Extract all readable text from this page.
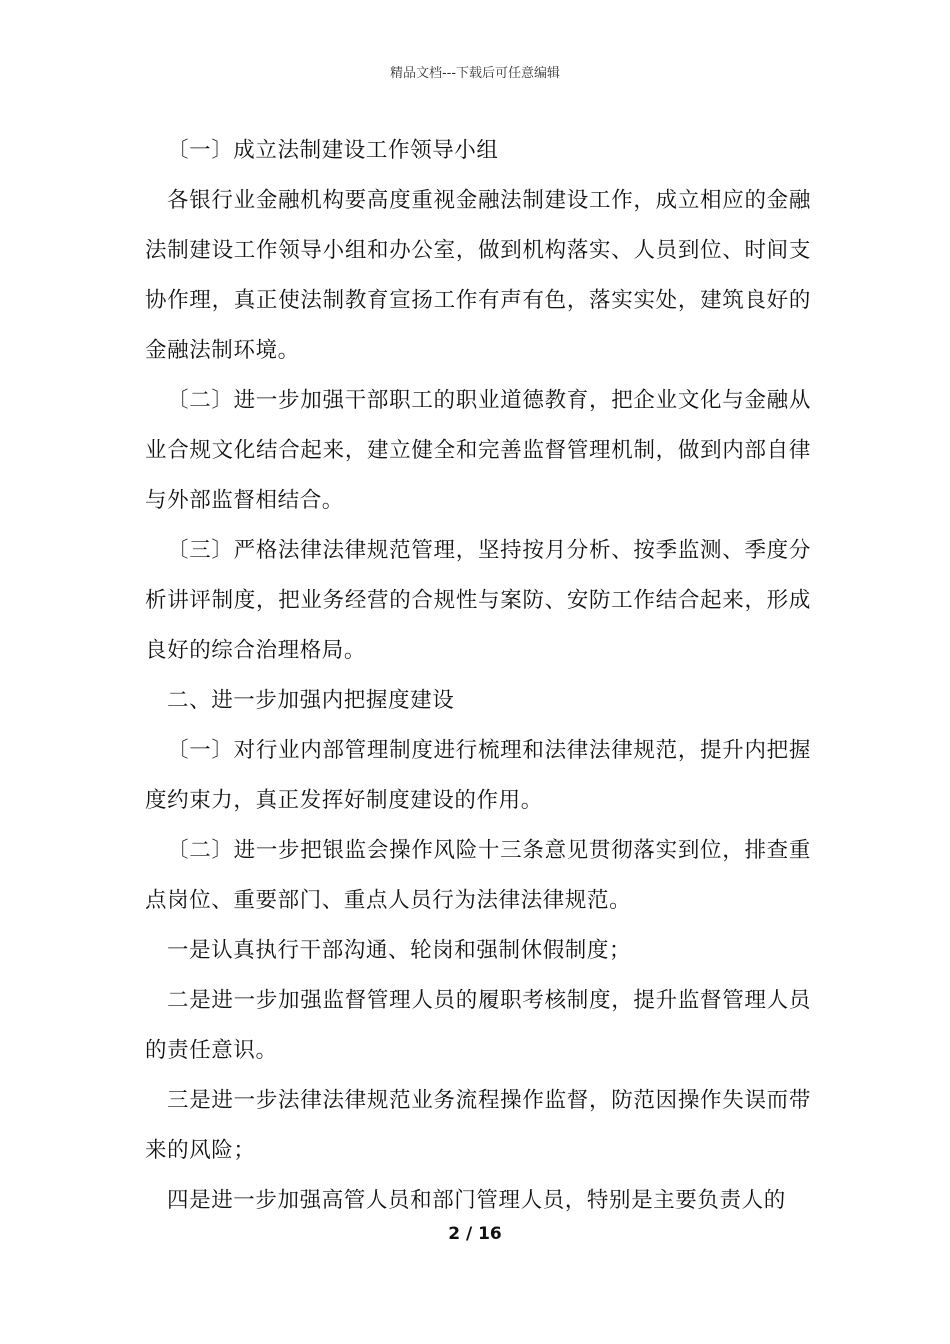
精品文档---下载后可任意编辑

〔一〕成立法制建设工作领导小组

各银行业金融机构要高度重视金融法制建设工作，成立相应的金融法制建设工作领导小组和办公室，做到机构落实、人员到位、时间支协作理，真正使法制教育宣扬工作有声有色，落实实处，建筑良好的金融法制环境。

〔二〕进一步加强干部职工的职业道德教育，把企业文化与金融从业合规文化结合起来，建立健全和完善监督管理机制，做到内部自律与外部监督相结合。

〔三〕严格法律法律规范管理，坚持按月分析、按季监测、季度分析讲评制度，把业务经营的合规性与案防、安防工作结合起来，形成良好的综合治理格局。

二、进一步加强内把握度建设

〔一〕对行业内部管理制度进行梳理和法律法律规范，提升内把握度约束力，真正发挥好制度建设的作用。

〔二〕进一步把银监会操作风险十三条意见贯彻落实到位，排查重点岗位、重要部门、重点人员行为法律法律规范。

一是认真执行干部沟通、轮岗和强制休假制度；

二是进一步加强监督管理人员的履职考核制度，提升监督管理人员的责任意识。

三是进一步法律法律规范业务流程操作监督，防范因操作失误而带来的风险；

四是进一步加强高管人员和部门管理人员，特别是主要负责人的

2 / 16
